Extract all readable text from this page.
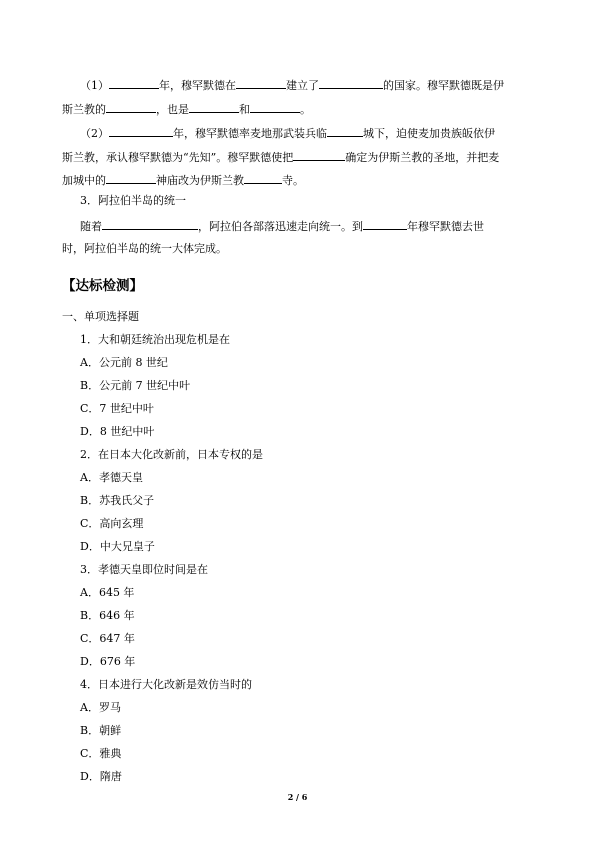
（1）	年，穆罕默德在	建立了	的国家。穆罕默德既是伊
斯兰教的	，也是	和	。
（2）	年，穆罕默德率麦地那武装兵临	城下，迫使麦加贵族皈依伊
斯兰教，承认穆罕默德为“先知”。穆罕默德使把	确定为伊斯兰教的圣地，并把麦
加城中的	神庙改为伊斯兰教	寺。
3．阿拉伯半岛的统一
随着	，阿拉伯各部落迅速走向统一。到	年穆罕默德去世
时，阿拉伯半岛的统一大体完成。
【达标检测】
一、单项选择题
1．大和朝廷统治出现危机是在
A．公元前 8 世纪
B．公元前 7 世纪中叶
C．7 世纪中叶
D．8 世纪中叶
2．在日本大化改新前，日本专权的是
A．孝德天皇
B．苏我氏父子
C．高向玄理
D．中大兄皇子
3．孝德天皇即位时间是在
A．645 年
B．646 年
C．647 年
D．676 年
4．日本进行大化改新是效仿当时的
A．罗马
B．朝鲜
C．雅典
D．隋唐
2 / 6
